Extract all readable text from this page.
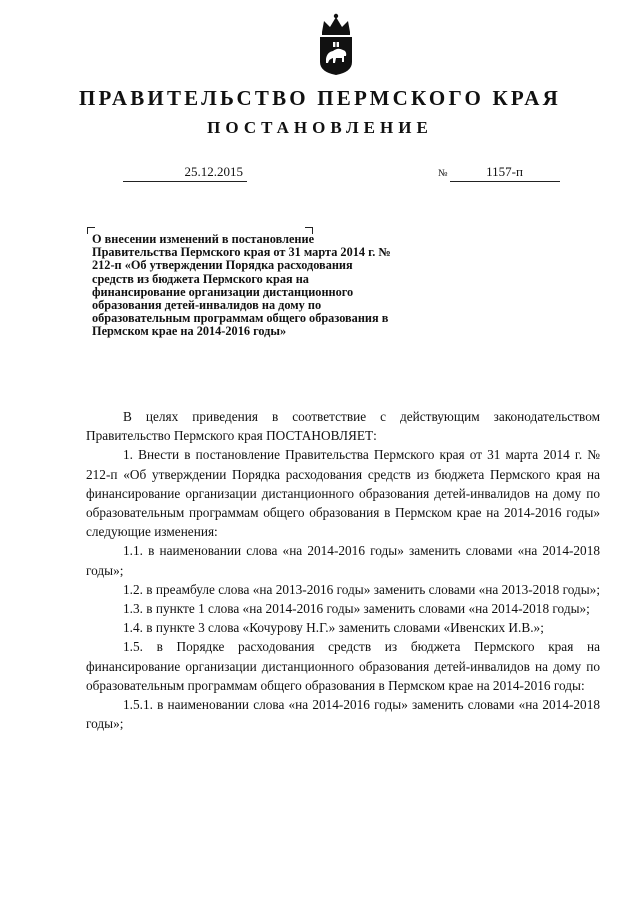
ПРАВИТЕЛЬСТВО ПЕРМСКОГО КРАЯ
ПОСТАНОВЛЕНИЕ
25.12.2015	№	1157-п
О внесении изменений в постановление Правительства Пермского края от 31 марта 2014 г. № 212-п «Об утверждении Порядка расходования средств из бюджета Пермского края на финансирование организации дистанционного образования детей-инвалидов на дому по образовательным программам общего образования в Пермском крае на 2014-2016 годы»

В целях приведения в соответствие с действующим законодательством Правительство Пермского края ПОСТАНОВЛЯЕТ:

1. Внести в постановление Правительства Пермского края от 31 марта 2014 г. № 212-п «Об утверждении Порядка расходования средств из бюджета Пермского края на финансирование организации дистанционного образования детей-инвалидов на дому по образовательным программам общего образования в Пермском крае на 2014-2016 годы» следующие изменения:

1.1. в наименовании слова «на 2014-2016 годы» заменить словами «на 2014-2018 годы»;

1.2. в преамбуле слова «на 2013-2016 годы» заменить словами «на 2013-2018 годы»;

1.3. в пункте 1 слова «на 2014-2016 годы» заменить словами «на 2014-2018 годы»;

1.4. в пункте 3 слова «Кочурову Н.Г.» заменить словами «Ивенских И.В.»;

1.5. в Порядке расходования средств из бюджета Пермского края на финансирование организации дистанционного образования детей-инвалидов на дому по образовательным программам общего образования в Пермском крае на 2014-2016 годы:

1.5.1. в наименовании слова «на 2014-2016 годы» заменить словами «на 2014-2018 годы»;
